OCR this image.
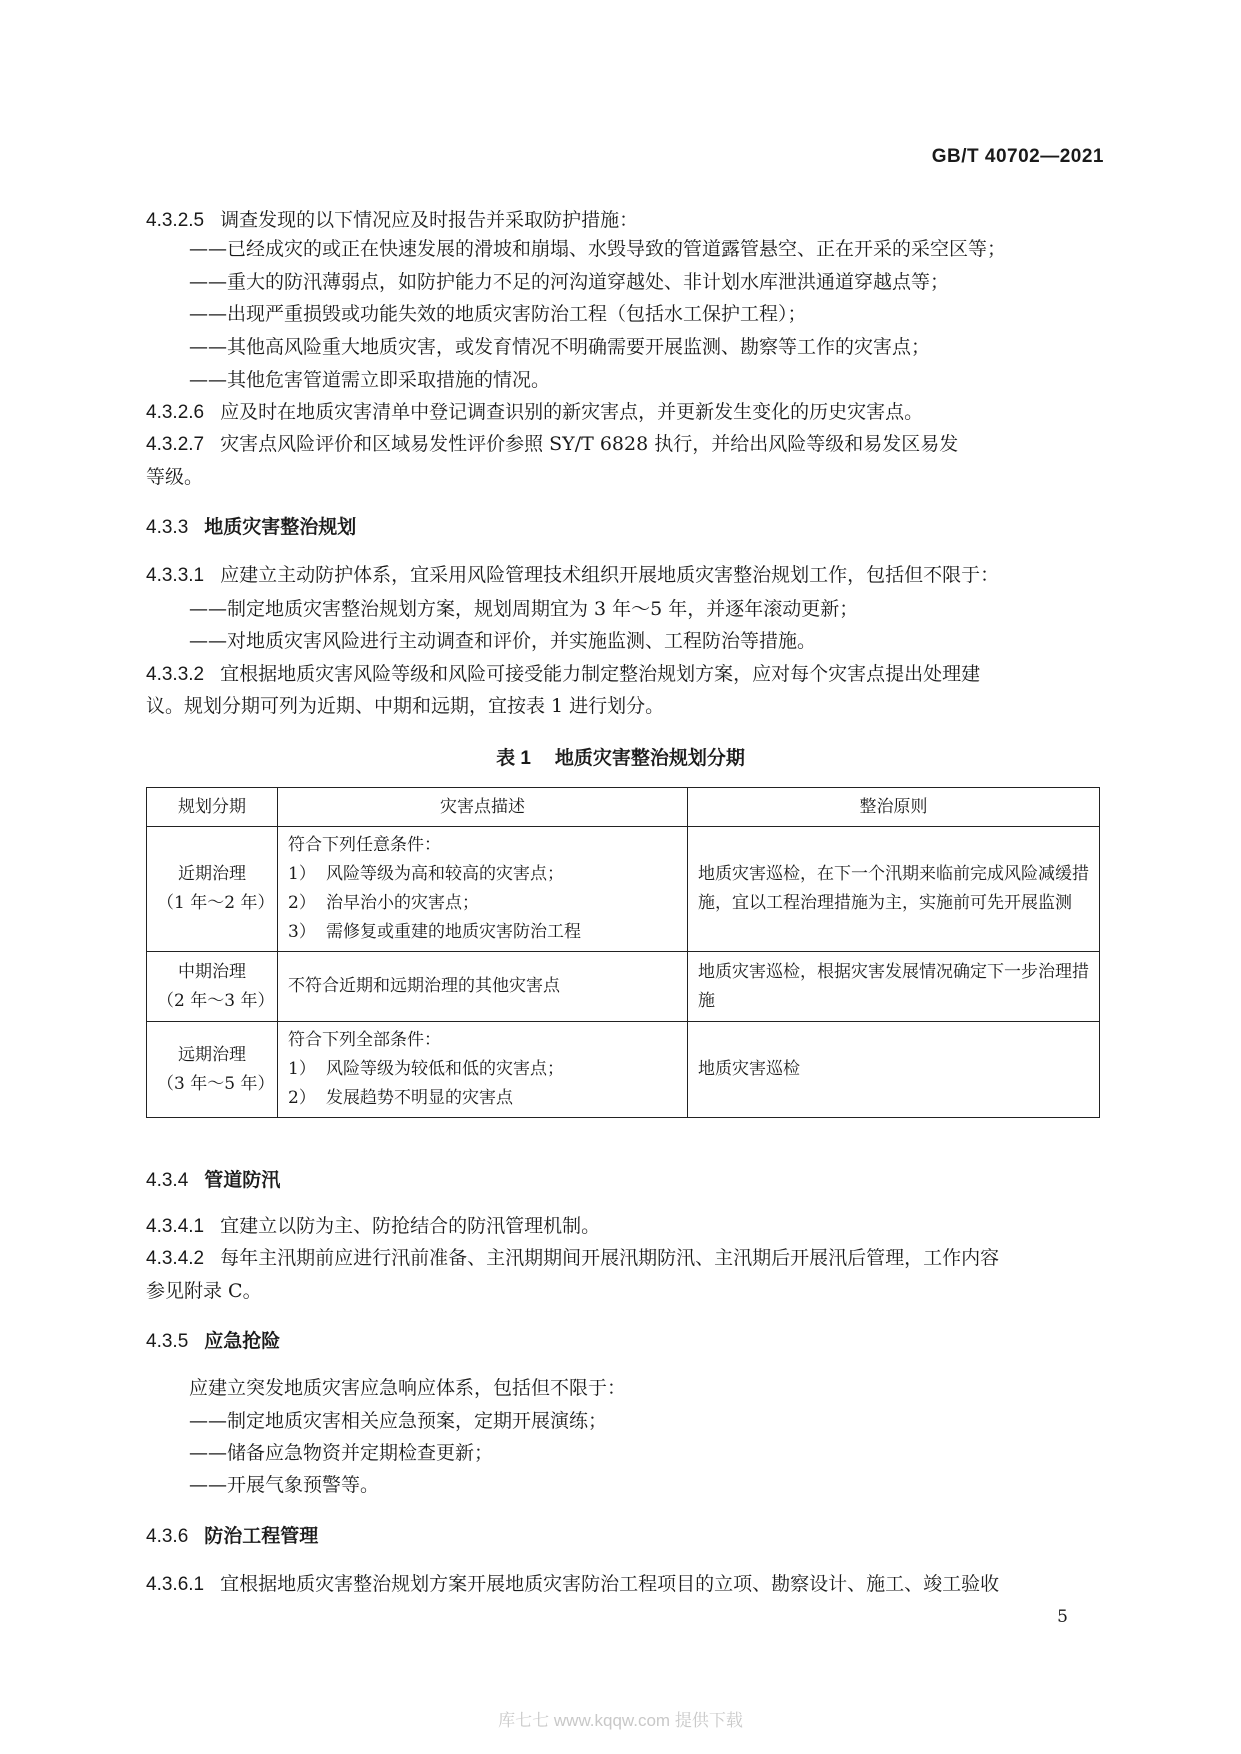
GB/T 40702—2021
4.3.2.5 调查发现的以下情况应及时报告并采取防护措施：
——已经成灾的或正在快速发展的滑坡和崩塌、水毁导致的管道露管悬空、正在开采的采空区等；
——重大的防汛薄弱点，如防护能力不足的河沟道穿越处、非计划水库泄洪通道穿越点等；
——出现严重损毁或功能失效的地质灾害防治工程（包括水工保护工程）；
——其他高风险重大地质灾害，或发育情况不明确需要开展监测、勘察等工作的灾害点；
——其他危害管道需立即采取措施的情况。
4.3.2.6 应及时在地质灾害清单中登记调查识别的新灾害点，并更新发生变化的历史灾害点。
4.3.2.7 灾害点风险评价和区域易发性评价参照 SY/T 6828 执行，并给出风险等级和易发区易发
等级。
4.3.3 地质灾害整治规划
4.3.3.1 应建立主动防护体系，宜采用风险管理技术组织开展地质灾害整治规划工作，包括但不限于：
——制定地质灾害整治规划方案，规划周期宜为 3 年～5 年，并逐年滚动更新；
——对地质灾害风险进行主动调查和评价，并实施监测、工程防治等措施。
4.3.3.2 宜根据地质灾害风险等级和风险可接受能力制定整治规划方案，应对每个灾害点提出处理建
议。规划分期可列为近期、中期和远期，宜按表 1 进行划分。
表 1 地质灾害整治规划分期
规划分期	灾害点描述	整治原则

近期治理
（1 年～2 年）	符合下列任意条件：
1） 风险等级为高和较高的灾害点；
2） 治早治小的灾害点；
3） 需修复或重建的地质灾害防治工程	地质灾害巡检，在下一个汛期来临前完成风险减缓措施，宜以工程治理措施为主，实施前可先开展监测

中期治理
（2 年～3 年）	不符合近期和远期治理的其他灾害点	地质灾害巡检，根据灾害发展情况确定下一步治理措施

远期治理
（3 年～5 年）	符合下列全部条件：
1） 风险等级为较低和低的灾害点；
2） 发展趋势不明显的灾害点	地质灾害巡检
4.3.4 管道防汛
4.3.4.1 宜建立以防为主、防抢结合的防汛管理机制。
4.3.4.2 每年主汛期前应进行汛前准备、主汛期期间开展汛期防汛、主汛期后开展汛后管理，工作内容
参见附录 C。
4.3.5 应急抢险
应建立突发地质灾害应急响应体系，包括但不限于：
——制定地质灾害相关应急预案，定期开展演练；
——储备应急物资并定期检查更新；
——开展气象预警等。
4.3.6 防治工程管理
4.3.6.1 宜根据地质灾害整治规划方案开展地质灾害防治工程项目的立项、勘察设计、施工、竣工验收
5
库七七 www.kqqw.com 提供下载
